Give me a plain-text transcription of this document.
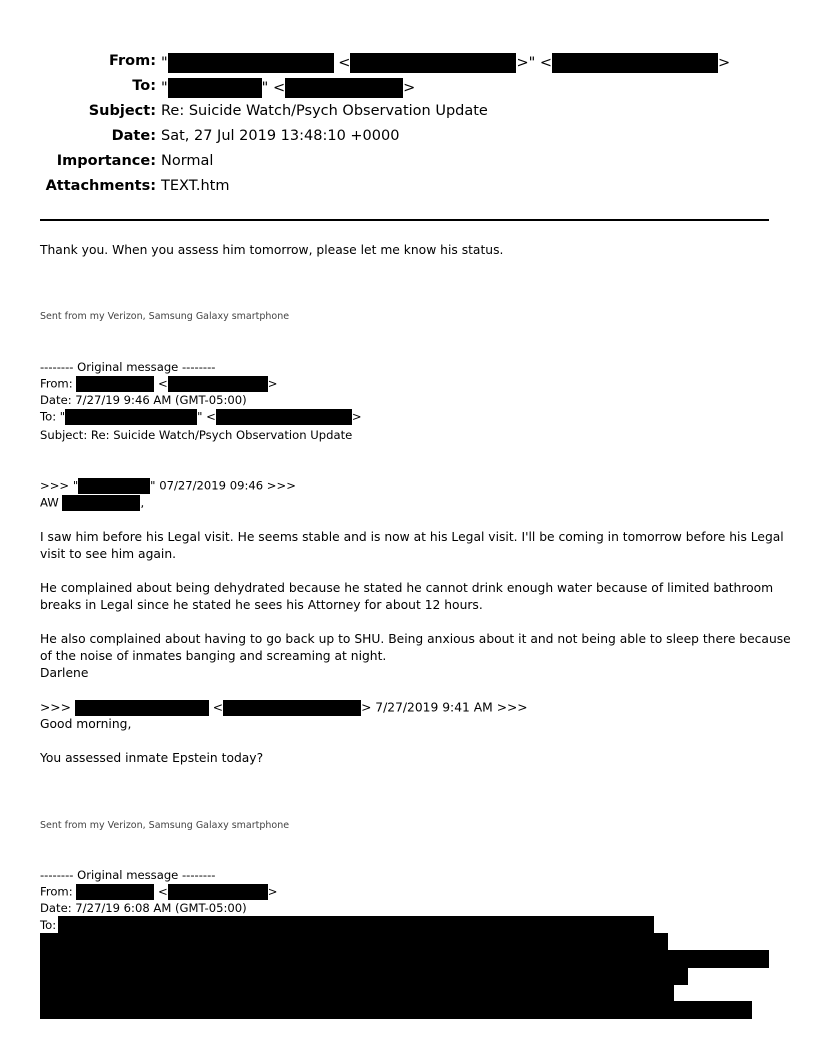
From: "	<	>" <	>
To: "	" <	>
Subject: Re: Suicide Watch/Psych Observation Update
Date: Sat, 27 Jul 2019 13:48:10 +0000
Importance: Normal
Attachments: TEXT.htm
Thank you. When you assess him tomorrow, please let me know his status.
Sent from my Verizon, Samsung Galaxy smartphone
-------- Original message --------
From:	<	>
Date: 7/27/19 9:46 AM (GMT-05:00)
To: "	" <	>
Subject: Re: Suicide Watch/Psych Observation Update
>>> "	" 07/27/2019 09:46 >>>
AW	,
I saw him before his Legal visit. He seems stable and is now at his Legal visit. I'll be coming in tomorrow before his Legal
visit to see him again.
He complained about being dehydrated because he stated he cannot drink enough water because of limited bathroom
breaks in Legal since he stated he sees his Attorney for about 12 hours.
He also complained about having to go back up to SHU. Being anxious about it and not being able to sleep there because
of the noise of inmates banging and screaming at night.
Darlene
>>>	<	> 7/27/2019 9:41 AM >>>
Good morning,
You assessed inmate Epstein today?
Sent from my Verizon, Samsung Galaxy smartphone
-------- Original message --------
From:	<	>
Date: 7/27/19 6:08 AM (GMT-05:00)
To:
